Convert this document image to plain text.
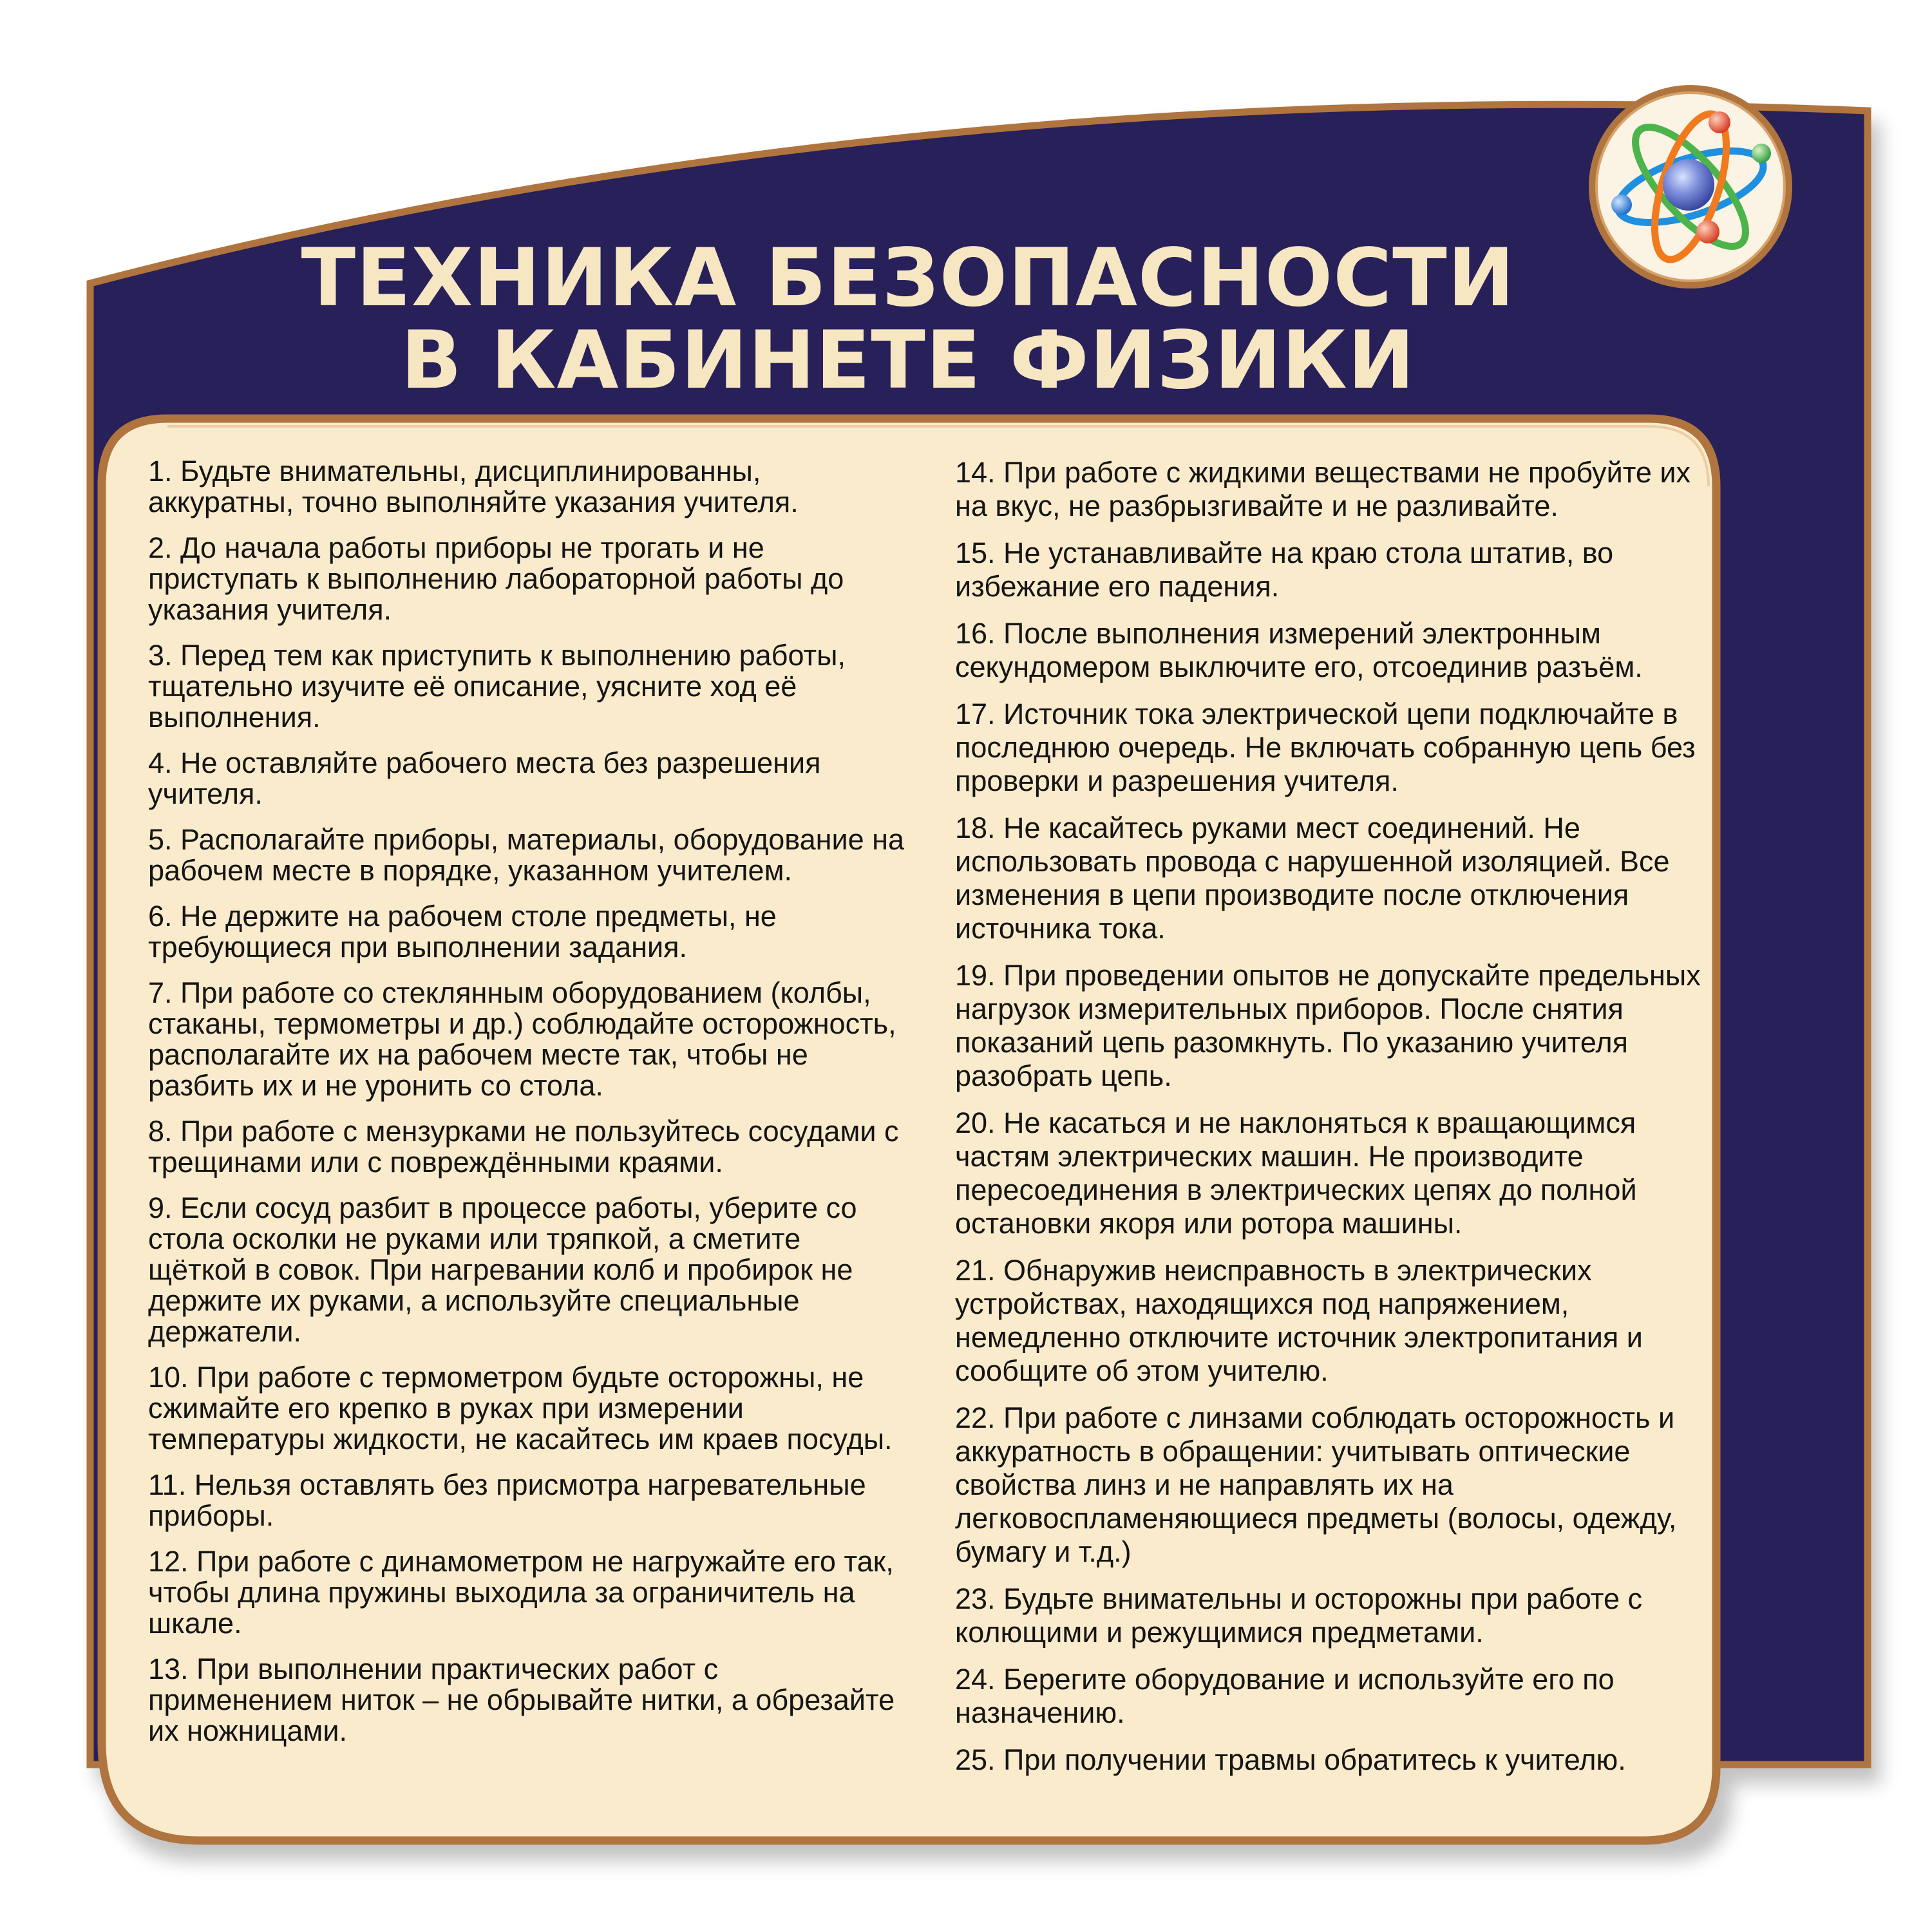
ТЕХНИКА БЕЗОПАСНОСТИ
В КАБИНЕТЕ ФИЗИКИ
1. Будьте внимательны, дисциплинированны, аккуратны, точно выполняйте указания учителя.
2. До начала работы приборы не трогать и не приступать к выполнению лабораторной работы до указания учителя.
3. Перед тем как приступить к выполнению работы, тщательно изучите её описание, уясните ход её выполнения.
4. Не оставляйте рабочего места без разрешения учителя.
5. Располагайте приборы, материалы, оборудование на рабочем месте в порядке, указанном учителем.
6. Не держите на рабочем столе предметы, не требующиеся при выполнении задания.
7. При работе со стеклянным оборудованием (колбы, стаканы, термометры и др.) соблюдайте осторожность, располагайте их на рабочем месте так, чтобы не разбить их и не уронить со стола.
8. При работе с мензурками не пользуйтесь сосудами с трещинами или с повреждёнными краями.
9. Если сосуд разбит в процессе работы, уберите со стола осколки не руками или тряпкой, а сметите щёткой в совок. При нагревании колб и пробирок не держите их руками, а используйте специальные держатели.
10. При работе с термометром будьте осторожны, не сжимайте его крепко в руках при измерении температуры жидкости, не касайтесь им краев посуды.
11. Нельзя оставлять без присмотра нагревательные приборы.
12. При работе с динамометром не нагружайте его так, чтобы длина пружины выходила за ограничитель на шкале.
13. При выполнении практических работ с применением ниток – не обрывайте нитки, а обрезайте их ножницами.
14. При работе с жидкими веществами не пробуйте их на вкус, не разбрызгивайте и не разливайте.
15. Не устанавливайте на краю стола штатив, во избежание его падения.
16. После выполнения измерений электронным секундомером выключите его, отсоединив разъём.
17. Источник тока электрической цепи подключайте в последнюю очередь. Не включать собранную цепь без проверки и разрешения учителя.
18. Не касайтесь руками мест соединений. Не использовать провода с нарушенной изоляцией. Все изменения в цепи производите после отключения источника тока.
19. При проведении опытов не допускайте предельных нагрузок измерительных приборов. После снятия показаний цепь разомкнуть. По указанию учителя разобрать цепь.
20. Не касаться и не наклоняться к вращающимся частям электрических машин. Не производите пересоединения в электрических цепях до полной остановки якоря или ротора машины.
21. Обнаружив неисправность в электрических устройствах, находящихся под напряжением, немедленно отключите источник электропитания и сообщите об этом учителю.
22. При работе с линзами соблюдать осторожность и аккуратность в обращении: учитывать оптические свойства линз и не направлять их на легковоспламеняющиеся предметы (волосы, одежду, бумагу и т.д.)
23. Будьте внимательны и осторожны при работе с колющими и режущимися предметами.
24. Берегите оборудование и используйте его по назначению.
25. При получении травмы обратитесь к учителю.
